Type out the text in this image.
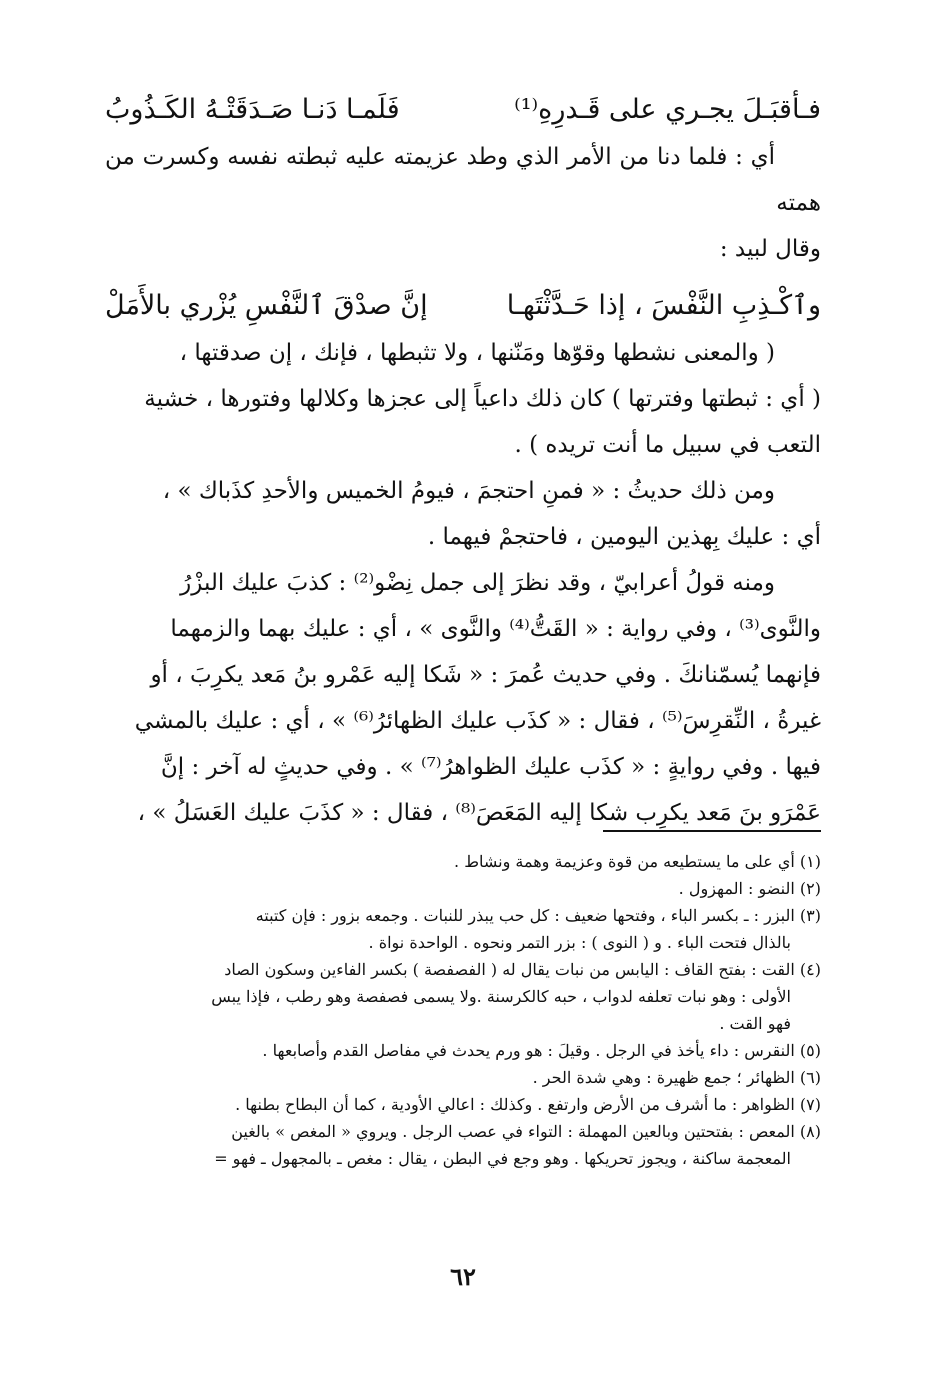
فـأقبَـلَ يجـري على قَـدرِهِ⁽¹⁾
فَلَمـا دَنـا صَـدَقَتْـهُ الكَـذُوبُ

أي : فلما دنا من الأمر الذي وطد عزيمته عليه ثبطته نفسه وكسرت من همته
وقال لبيد :

وٱكْـذِبِ النَّفْسَ ، إذا حَـدَّثْتَهـا
إنَّ صدْقَ ٱلنَّفْسِ يُزْري بالأَمَلْ

( والمعنى نشطها وقوّها ومَنّنها ، ولا تثبطها ، فإنك ، إن صدقتها ،
( أي : ثبطتها وفترتها ) كان ذلك داعياً إلى عجزها وكلالها وفتورها ، خشية
التعب في سبيل ما أنت تريده ) .

ومن ذلك حديثُ : « فمنِ احتجمَ ، فيومُ الخميس والأحدِ كذَباك » ،
أي : عليك بِهذين اليومين ، فاحتجمْ فيهما .

ومنه قولُ أعرابيّ ، وقد نظرَ إلى جمل نِضْو⁽²⁾ : كذبَ عليك البزْرُ
والنَّوى⁽³⁾ ، وفي رواية : « القَتُّ⁽⁴⁾ والنَّوى » ، أي : عليك بهما والزمهما
فإنهما يُسمّنانكَ . وفي حديث عُمرَ : « شَكا إليه عَمْرو بنُ مَعد يكرِبَ ، أو
غيرةُ ، النِّقرِسَ⁽⁵⁾ ، فقال : « كذَب عليك الظهائرُ⁽⁶⁾ » ، أي : عليك بالمشي
فيها . وفي روايةٍ : « كذَب عليك الظواهرُ⁽⁷⁾ » . وفي حديثٍ له آخر : إنَّ
عَمْرَو بنَ مَعد يكرِب شكا إليه المَعَصَ⁽⁸⁾ ، فقال : « كذَبَ عليك العَسَلُ » ،

(١) أي على ما يستطيعه من قوة وعزيمة وهمة ونشاط .

(٢) النضو : المهزول .

(٣) البزر : ـ بكسر الباء ، وفتحها ضعيف : كل حب يبذر للنبات . وجمعه بزور : فإن كتبته
بالذال فتحت الباء . و ( النوى ) : بزر التمر ونحوه . الواحدة نواة .

(٤) القت : بفتح القاف : اليابس من نبات يقال له ( الفصفصة ) بكسر الفاءين وسكون الصاد
الأولى : وهو نبات تعلفه لدواب ، حبه كالكرسنة .ولا يسمى فصفصة وهو رطب ، فإذا يبس
فهو القت .

(٥) النقرس : داء يأخذ في الرجل . وقيلَ : هو ورم يحدث في مفاصل القدم وأصابعها .

(٦) الظهائر ؛ جمع ظهيرة : وهي شدة الحر .

(٧) الظواهر : ما أشرف من الأرض وارتفع . وكذلك : اعالي الأودية ، كما أن البطاح بطنها .

(٨) المعص : بفتحتين وبالعين المهملة : التواء في عصب الرجل . ويروي « المغص » بالغين
المعجمة ساكنة ، ويجوز تحريكها . وهو وجع في البطن ، يقال : مغص ـ بالمجهول ـ فهو =

٦٢
